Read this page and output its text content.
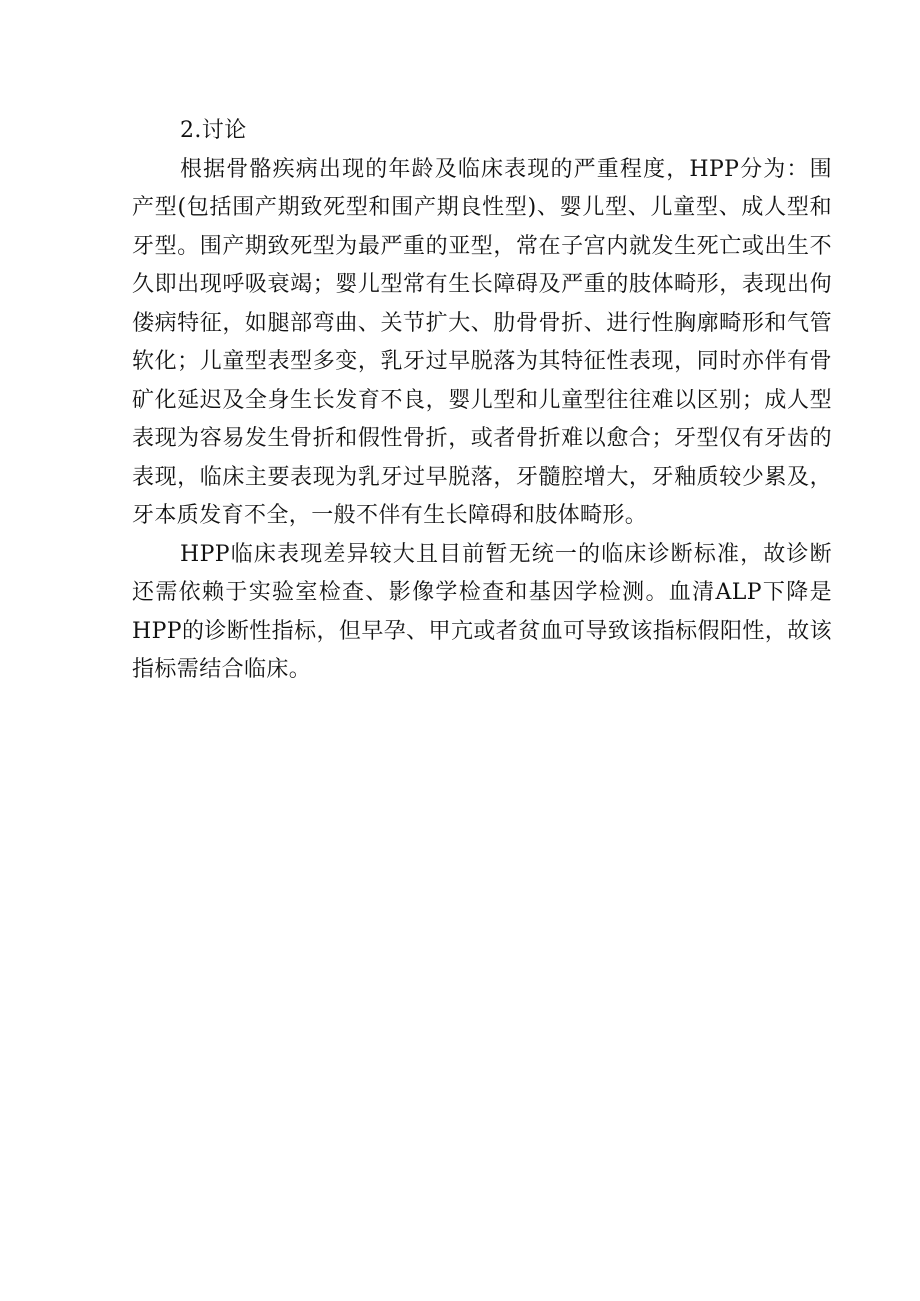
2.讨论

根据骨骼疾病出现的年龄及临床表现的严重程度，HPP分为：围产型(包括围产期致死型和围产期良性型)、婴儿型、儿童型、成人型和牙型。围产期致死型为最严重的亚型，常在子宫内就发生死亡或出生不久即出现呼吸衰竭；婴儿型常有生长障碍及严重的肢体畸形，表现出佝偻病特征，如腿部弯曲、关节扩大、肋骨骨折、进行性胸廓畸形和气管软化；儿童型表型多变，乳牙过早脱落为其特征性表现，同时亦伴有骨矿化延迟及全身生长发育不良，婴儿型和儿童型往往难以区别；成人型表现为容易发生骨折和假性骨折，或者骨折难以愈合；牙型仅有牙齿的表现，临床主要表现为乳牙过早脱落，牙髓腔增大，牙釉质较少累及，牙本质发育不全，一般不伴有生长障碍和肢体畸形。

HPP临床表现差异较大且目前暂无统一的临床诊断标准，故诊断还需依赖于实验室检查、影像学检查和基因学检测。血清ALP下降是HPP的诊断性指标，但早孕、甲亢或者贫血可导致该指标假阳性，故该指标需结合临床。
